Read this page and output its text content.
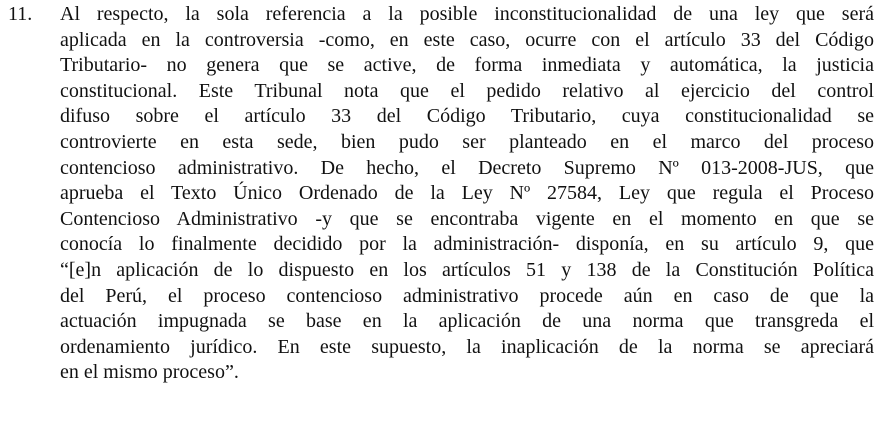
11. Al respecto, la sola referencia a la posible inconstitucionalidad de una ley que será
aplicada en la controversia -como, en este caso, ocurre con el artículo 33 del Código
Tributario- no genera que se active, de forma inmediata y automática, la justicia
constitucional. Este Tribunal nota que el pedido relativo al ejercicio del control
difuso sobre el artículo 33 del Código Tributario, cuya constitucionalidad se
controvierte en esta sede, bien pudo ser planteado en el marco del proceso
contencioso administrativo. De hecho, el Decreto Supremo Nº 013-2008-JUS, que
aprueba el Texto Único Ordenado de la Ley Nº 27584, Ley que regula el Proceso
Contencioso Administrativo -y que se encontraba vigente en el momento en que se
conocía lo finalmente decidido por la administración- disponía, en su artículo 9, que
“[e]n aplicación de lo dispuesto en los artículos 51 y 138 de la Constitución Política
del Perú, el proceso contencioso administrativo procede aún en caso de que la
actuación impugnada se base en la aplicación de una norma que transgreda el
ordenamiento jurídico. En este supuesto, la inaplicación de la norma se apreciará
en el mismo proceso”.
